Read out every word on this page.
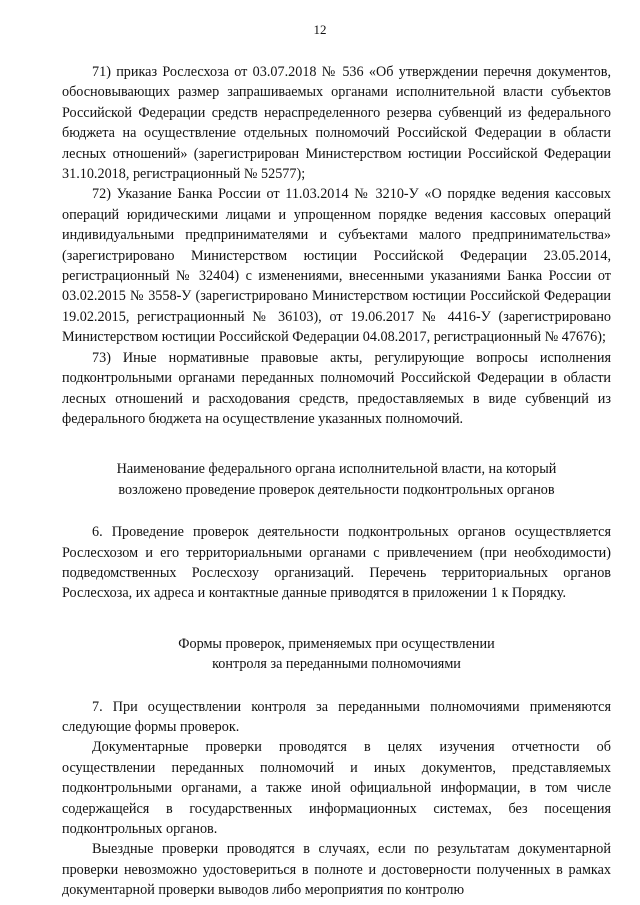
12

71) приказ Рослесхоза от 03.07.2018 № 536 «Об утверждении перечня документов, обосновывающих размер запрашиваемых органами исполнительной власти субъектов Российской Федерации средств нераспределенного резерва субвенций из федерального бюджета на осуществление отдельных полномочий Российской Федерации в области лесных отношений» (зарегистрирован Министерством юстиции Российской Федерации 31.10.2018, регистрационный № 52577);

72) Указание Банка России от 11.03.2014 № 3210-У «О порядке ведения кассовых операций юридическими лицами и упрощенном порядке ведения кассовых операций индивидуальными предпринимателями и субъектами малого предпринимательства» (зарегистрировано Министерством юстиции Российской Федерации 23.05.2014, регистрационный № 32404) с изменениями, внесенными указаниями Банка России от 03.02.2015 № 3558-У (зарегистрировано Министерством юстиции Российской Федерации 19.02.2015, регистрационный № 36103), от 19.06.2017 № 4416-У (зарегистрировано Министерством юстиции Российской Федерации 04.08.2017, регистрационный № 47676);

73) Иные нормативные правовые акты, регулирующие вопросы исполнения подконтрольными органами переданных полномочий Российской Федерации в области лесных отношений и расходования средств, предоставляемых в виде субвенций из федерального бюджета на осуществление указанных полномочий.

Наименование федерального органа исполнительной власти, на который
возложено проведение проверок деятельности подконтрольных органов

6. Проведение проверок деятельности подконтрольных органов осуществляется Рослесхозом и его территориальными органами с привлечением (при необходимости) подведомственных Рослесхозу организаций. Перечень территориальных органов Рослесхоза, их адреса и контактные данные приводятся в приложении 1 к Порядку.

Формы проверок, применяемых при осуществлении
контроля за переданными полномочиями

7. При осуществлении контроля за переданными полномочиями применяются следующие формы проверок.

Документарные проверки проводятся в целях изучения отчетности об осуществлении переданных полномочий и иных документов, представляемых подконтрольными органами, а также иной официальной информации, в том числе содержащейся в государственных информационных системах, без посещения подконтрольных органов.

Выездные проверки проводятся в случаях, если по результатам документарной проверки невозможно удостовериться в полноте и достоверности полученных в рамках документарной проверки выводов либо мероприятия по контролю
